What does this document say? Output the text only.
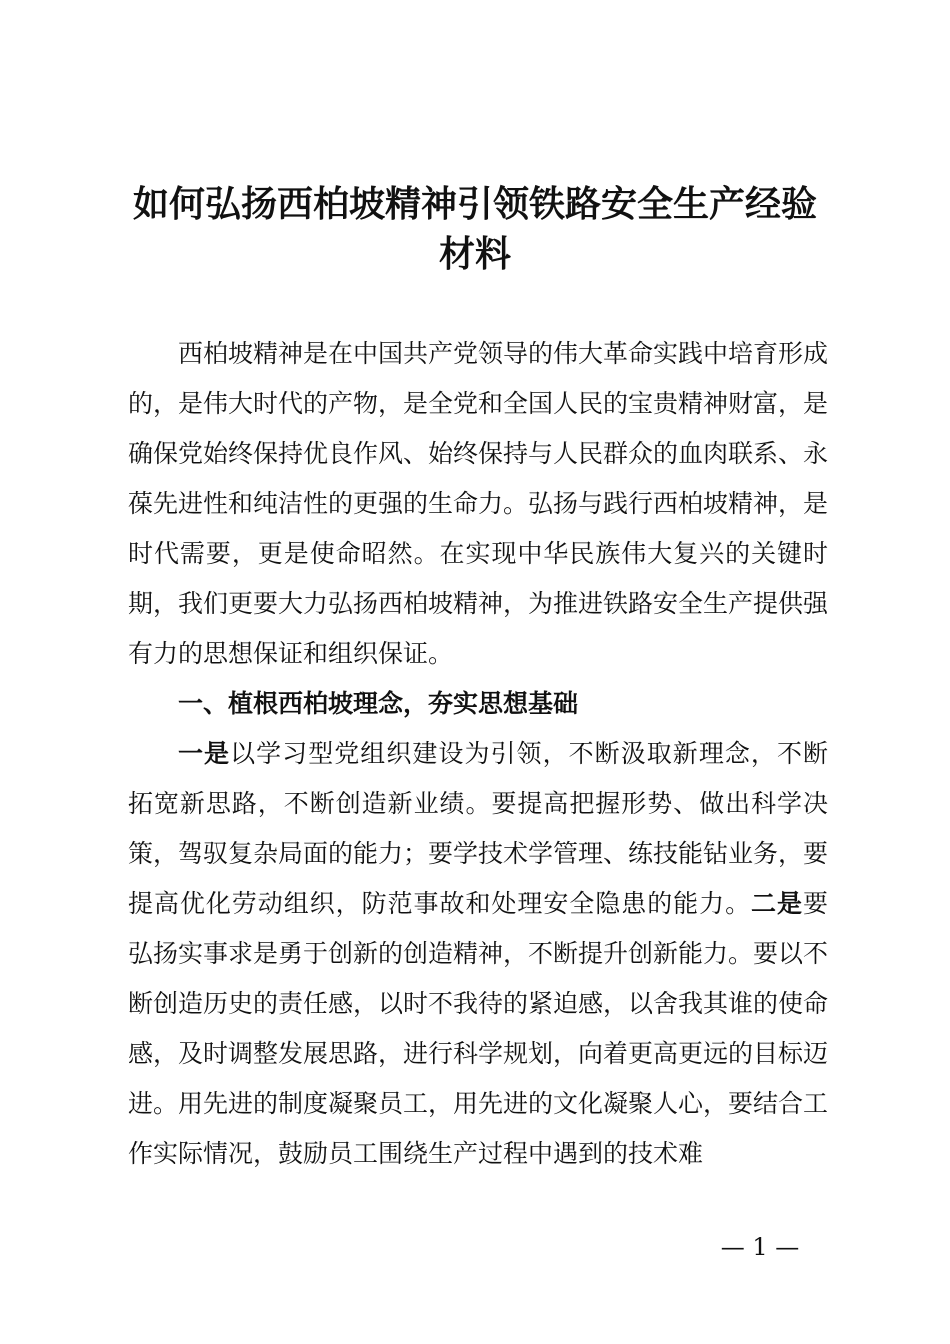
如何弘扬西柏坡精神引领铁路安全生产经验材料

西柏坡精神是在中国共产党领导的伟大革命实践中培育形成的，是伟大时代的产物，是全党和全国人民的宝贵精神财富，是确保党始终保持优良作风、始终保持与人民群众的血肉联系、永葆先进性和纯洁性的更强的生命力。弘扬与践行西柏坡精神，是时代需要，更是使命昭然。在实现中华民族伟大复兴的关键时期，我们更要大力弘扬西柏坡精神，为推进铁路安全生产提供强有力的思想保证和组织保证。

一、植根西柏坡理念，夯实思想基础

一是以学习型党组织建设为引领，不断汲取新理念，不断拓宽新思路，不断创造新业绩。要提高把握形势、做出科学决策，驾驭复杂局面的能力；要学技术学管理、练技能钻业务，要提高优化劳动组织，防范事故和处理安全隐患的能力。二是要弘扬实事求是勇于创新的创造精神，不断提升创新能力。要以不断创造历史的责任感，以时不我待的紧迫感，以舍我其谁的使命感，及时调整发展思路，进行科学规划，向着更高更远的目标迈进。用先进的制度凝聚员工，用先进的文化凝聚人心，要结合工作实际情况，鼓励员工围绕生产过程中遇到的技术难

— 1 —
